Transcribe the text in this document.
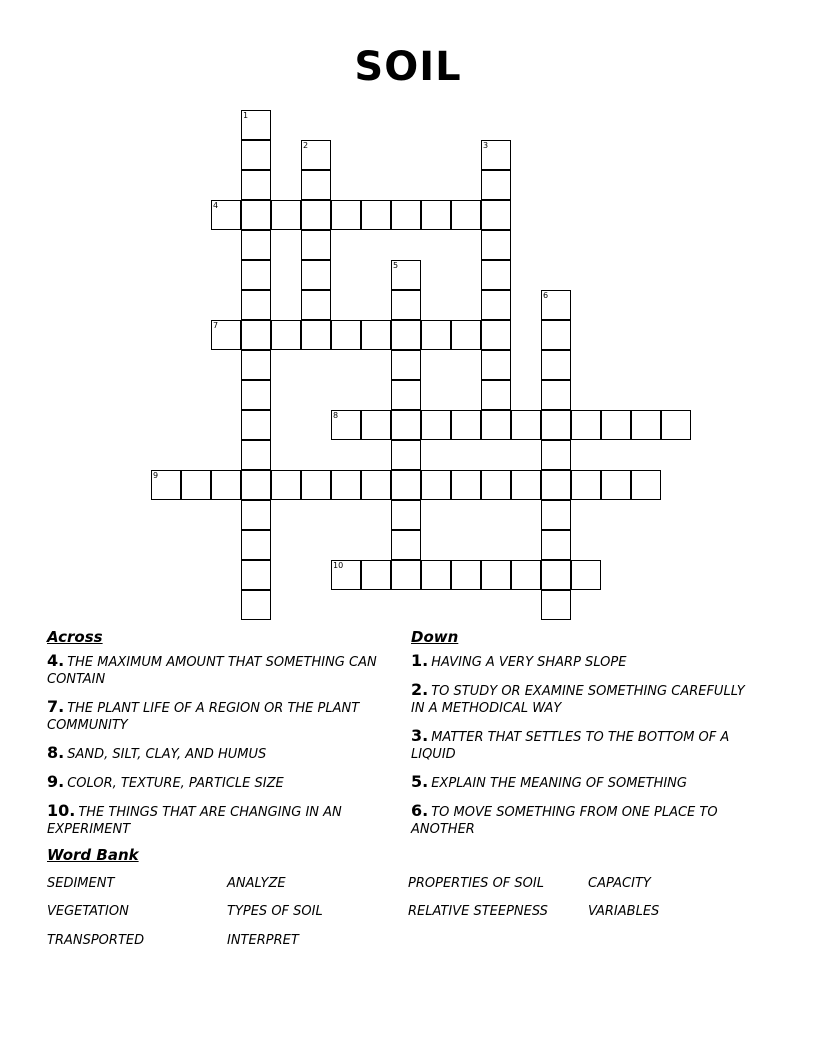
SOIL
1
2	3
4
5
6
7
8
9
10
Across
4. THE MAXIMUM AMOUNT THAT SOMETHING CAN CONTAIN
7. THE PLANT LIFE OF A REGION OR THE PLANT COMMUNITY
8. SAND, SILT, CLAY, AND HUMUS
9. COLOR, TEXTURE, PARTICLE SIZE
10. THE THINGS THAT ARE CHANGING IN AN EXPERIMENT
Down
1. HAVING A VERY SHARP SLOPE
2. TO STUDY OR EXAMINE SOMETHING CAREFULLY IN A METHODICAL WAY
3. MATTER THAT SETTLES TO THE BOTTOM OF A LIQUID
5. EXPLAIN THE MEANING OF SOMETHING
6. TO MOVE SOMETHING FROM ONE PLACE TO ANOTHER
Word Bank
SEDIMENT	ANALYZE	PROPERTIES OF SOIL	CAPACITY
VEGETATION	TYPES OF SOIL	RELATIVE STEEPNESS	VARIABLES
TRANSPORTED	INTERPRET
